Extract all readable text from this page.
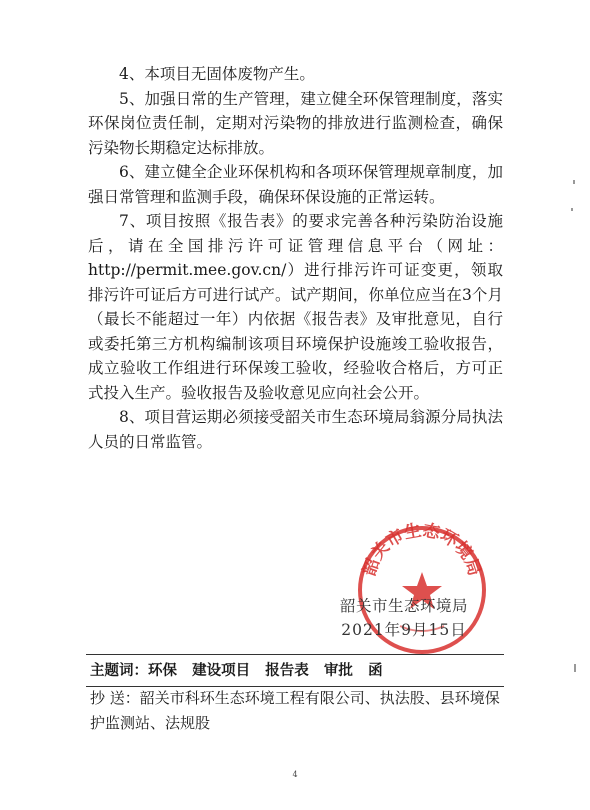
4、本项目无固体废物产生。

5、加强日常的生产管理，建立健全环保管理制度，落实环保岗位责任制，定期对污染物的排放进行监测检查，确保污染物长期稳定达标排放。

6、建立健全企业环保机构和各项环保管理规章制度，加强日常管理和监测手段，确保环保设施的正常运转。

7、项目按照《报告表》的要求完善各种污染防治设施后，请在全国排污许可证管理信息平台（网址：http://permit.mee.gov.cn/）进行排污许可证变更，领取排污许可证后方可进行试产。试产期间，你单位应当在3个月（最长不能超过一年）内依据《报告表》及审批意见，自行或委托第三方机构编制该项目环境保护设施竣工验收报告，成立验收工作组进行环保竣工验收，经验收合格后，方可正式投入生产。验收报告及验收意见应向社会公开。

8、项目营运期必须接受韶关市生态环境局翁源分局执法人员的日常监管。

韶关市生态环境局
韶关市生态环境局
2021年9月15日
主题词：环保   建设项目   报告表   审批   函
抄 送：韶关市科环生态环境工程有限公司、执法股、县环境保护监测站、法规股
4
